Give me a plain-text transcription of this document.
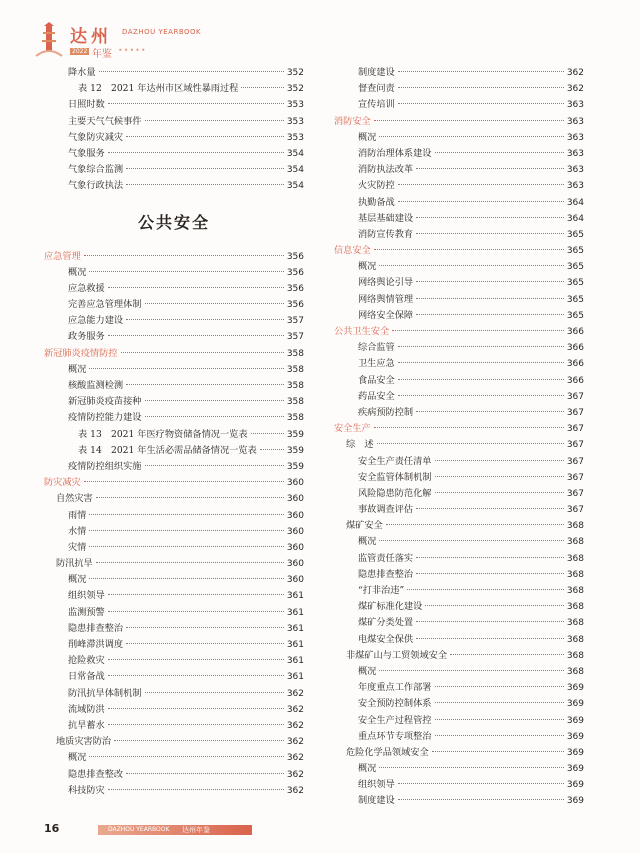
达州 DAZHOU YEARBOOK
2022 年鉴 •••••
降水量	352
表 12　2021 年达州市区域性暴雨过程	352
日照时数	353
主要天气气候事件	353
气象防灾减灾	353
气象服务	354
气象综合监测	354
气象行政执法	354
公共安全
应急管理	356
概况	356
应急救援	356
完善应急管理体制	356
应急能力建设	357
政务服务	357
新冠肺炎疫情防控	358
概况	358
核酸监测检测	358
新冠肺炎疫苗接种	358
疫情防控能力建设	358
表 13　2021 年医疗物资储备情况一览表	359
表 14　2021 年生活必需品储备情况一览表	359
疫情防控组织实施	359
防灾减灾	360
自然灾害	360
雨情	360
水情	360
灾情	360
防汛抗旱	360
概况	360
组织领导	361
监测预警	361
隐患排查整治	361
削峰滞洪调度	361
抢险救灾	361
日常备战	361
防汛抗旱体制机制	362
流域防洪	362
抗旱蓄水	362
地质灾害防治	362
概况	362
隐患排查整改	362
科技防灾	362
制度建设	362
督查问责	362
宣传培训	363
消防安全	363
概况	363
消防治理体系建设	363
消防执法改革	363
火灾防控	363
执勤备战	364
基层基础建设	364
消防宣传教育	365
信息安全	365
概况	365
网络舆论引导	365
网络舆情管理	365
网络安全保障	365
公共卫生安全	366
综合监管	366
卫生应急	366
食品安全	366
药品安全	367
疾病预防控制	367
安全生产	367
综　述	367
安全生产责任清单	367
安全监管体制机制	367
风险隐患防范化解	367
事故调查评估	367
煤矿安全	368
概况	368
监管责任落实	368
隐患排查整治	368
“打非治违”	368
煤矿标准化建设	368
煤矿分类处置	368
电煤安全保供	368
非煤矿山与工贸领域安全	368
概况	368
年度重点工作部署	369
安全预防控制体系	369
安全生产过程管控	369
重点环节专项整治	369
危险化学品领域安全	369
概况	369
组织领导	369
制度建设	369
16	DAZHOU YEARBOOK 达州年鉴
